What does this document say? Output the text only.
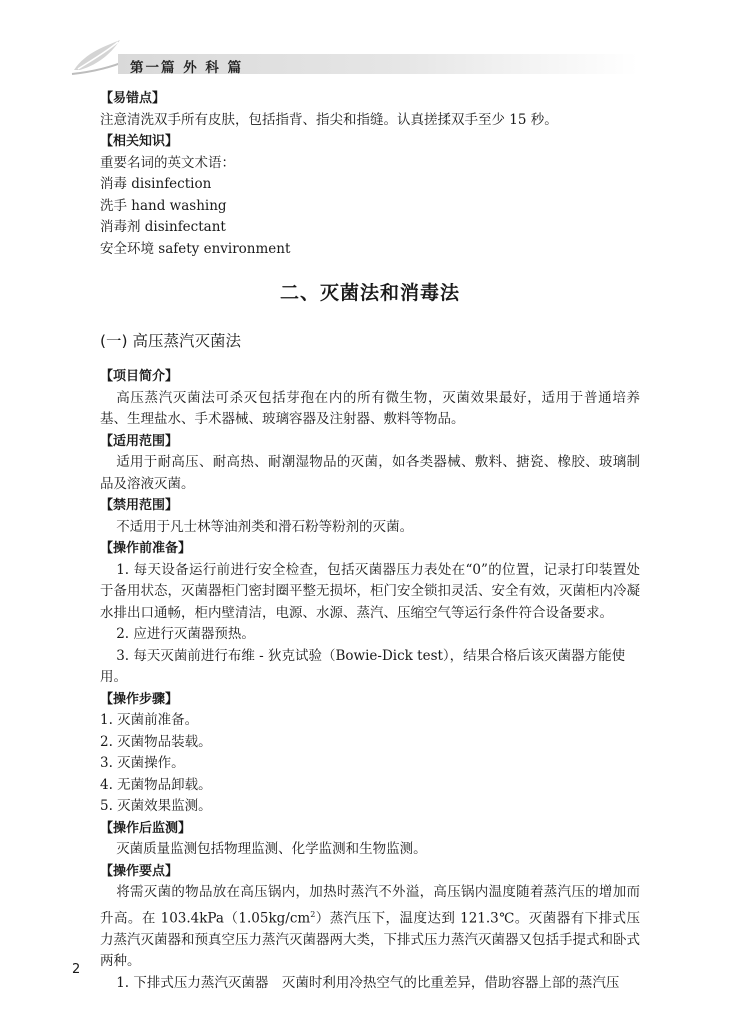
第一篇 外 科 篇

【 易错点 】

注意清洗双手所有皮肤，包括指背、指尖和指缝。认真搓揉双手至少 15 秒。

【 相关知识 】

重要名词的英文术语：

消毒 disinfection

洗手 hand washing

消毒剂 disinfectant

安全环境 safety environment

二、灭菌法和消毒法
(一) 高压蒸汽灭菌法

【 项目简介 】

高压蒸汽灭菌法可杀灭包括芽孢在内的所有微生物，灭菌效果最好，适用于普通培养基、生理盐水、手术器械、玻璃容器及注射器、敷料等物品。

【 适用范围 】

适用于耐高压、耐高热、耐潮湿物品的灭菌，如各类器械、敷料、搪瓷、橡胶、玻璃制品及溶液灭菌。

【 禁用范围 】

不适用于凡士林等油剂类和滑石粉等粉剂的灭菌。

【 操作前准备 】

1. 每天设备运行前进行安全检查，包括灭菌器压力表处在“0”的位置，记录打印装置处于备用状态，灭菌器柜门密封圈平整无损坏，柜门安全锁扣灵活、安全有效，灭菌柜内冷凝水排出口通畅，柜内壁清洁，电源、水源、蒸汽、压缩空气等运行条件符合设备要求。

2. 应进行灭菌器预热。

3. 每天灭菌前进行布维 - 狄克试验（Bowie-Dick test），结果合格后该灭菌器方能使用。

【 操作步骤 】

1. 灭菌前准备。

2. 灭菌物品装载。

3. 灭菌操作。

4. 无菌物品卸载。

5. 灭菌效果监测。

【 操作后监测 】

灭菌质量监测包括物理监测、化学监测和生物监测。

【 操作要点 】

将需灭菌的物品放在高压锅内，加热时蒸汽不外溢，高压锅内温度随着蒸汽压的增加而升高。在 $103.4kPa(1.05kg/cm^2)$蒸汽压下，温度达到 121.3℃。灭菌器有下排式压力蒸汽灭菌器和预真空压力蒸汽灭菌器两大类，下排式压力蒸汽灭菌器又包括手提式和卧式两种。

1. 下排式压力蒸汽灭菌器　灭菌时利用冷热空气的比重差异，借助容器上部的蒸汽压

2
